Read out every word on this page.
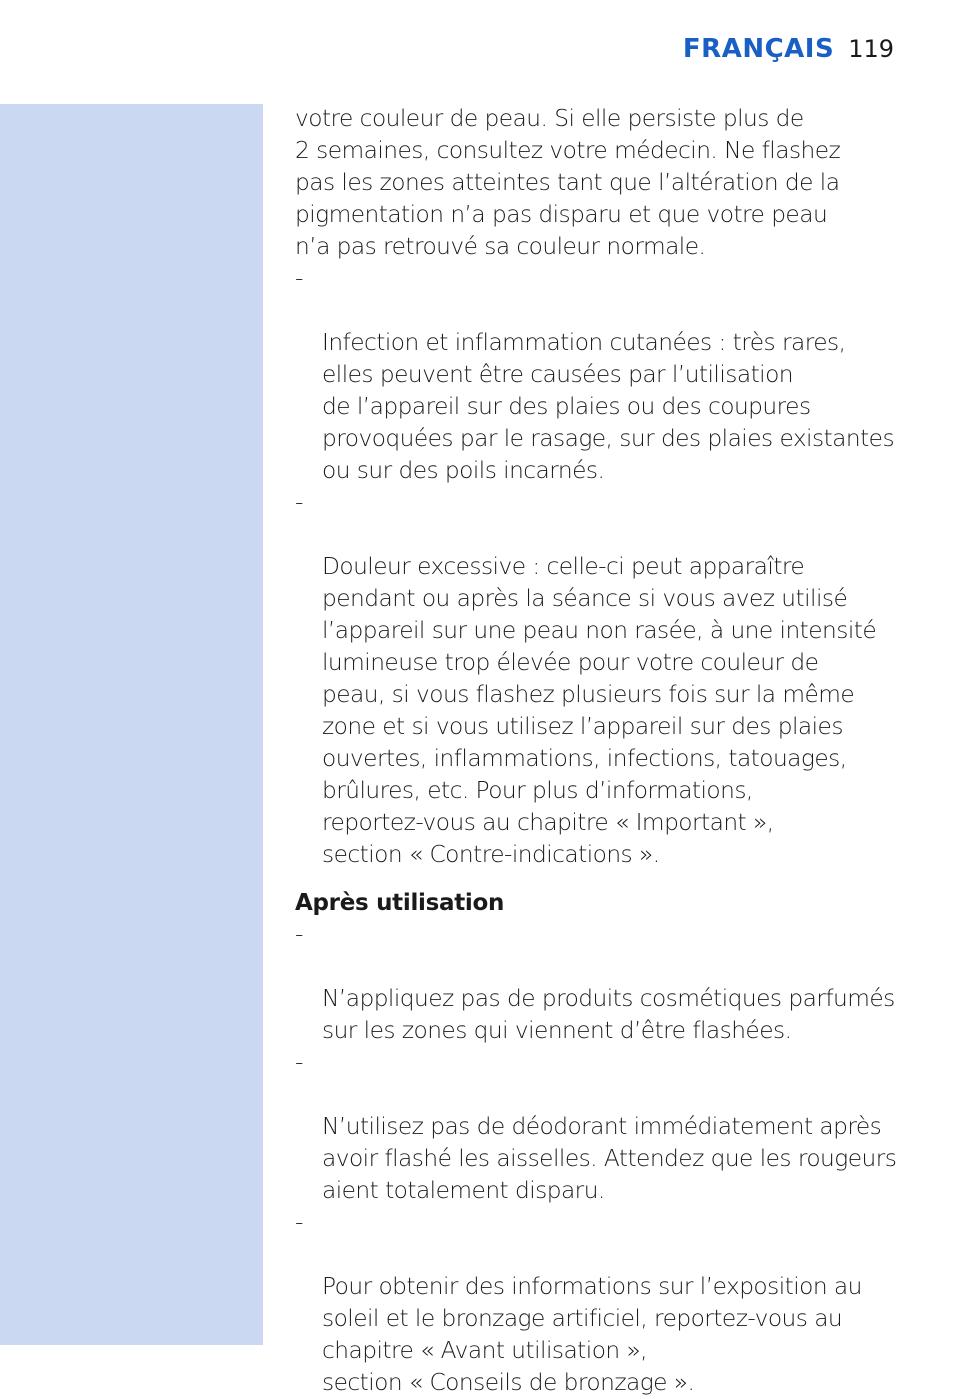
FRANÇAIS 119

votre couleur de peau. Si elle persiste plus de
2 semaines, consultez votre médecin. Ne flashez
pas les zones atteintes tant que l’altération de la
pigmentation n’a pas disparu et que votre peau
n’a pas retrouvé sa couleur normale.

-

Infection et inflammation cutanées : très rares,
elles peuvent être causées par l’utilisation
de l’appareil sur des plaies ou des coupures
provoquées par le rasage, sur des plaies existantes
ou sur des poils incarnés.

-

Douleur excessive : celle-ci peut apparaître
pendant ou après la séance si vous avez utilisé
l’appareil sur une peau non rasée, à une intensité
lumineuse trop élevée pour votre couleur de
peau, si vous flashez plusieurs fois sur la même
zone et si vous utilisez l’appareil sur des plaies
ouvertes, inflammations, infections, tatouages,
brûlures, etc. Pour plus d’informations,
reportez-vous au chapitre « Important »,
section « Contre-indications ».

Après utilisation

-

N’appliquez pas de produits cosmétiques parfumés
sur les zones qui viennent d’être flashées.

-

N’utilisez pas de déodorant immédiatement après
avoir flashé les aisselles. Attendez que les rougeurs
aient totalement disparu.

-

Pour obtenir des informations sur l’exposition au
soleil et le bronzage artificiel, reportez-vous au
chapitre « Avant utilisation »,
section « Conseils de bronzage ».
